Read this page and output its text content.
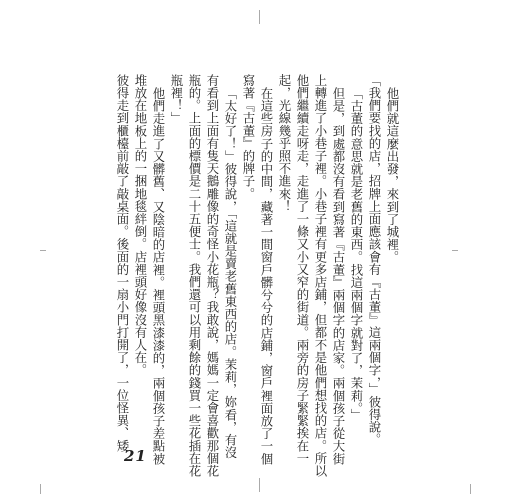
他們就這麼出發，來到了城裡。
「我們要找的店，招牌上面應該會有『古董』這兩個字，」彼得說。
「古董的意思就是老舊的東西。找這兩個字就對了，茉莉。」
但是，到處都沒有看到寫著『古董』兩個字的店家。兩個孩子從大街
上轉進了小巷子裡。小巷子裡有更多店鋪，但都不是他們想找的店。所以
他們繼續走呀走，走進了一條又小又窄的街道。兩旁的房子緊緊挨在一
起，光線幾乎照不進來！
在這些房子的中間，藏著一間窗戶髒兮兮的店鋪，窗戶裡面放了一個
寫著『古董』的牌子。
「太好了！」彼得說，「這就是賣老舊東西的店。茉莉，妳看，有沒
有看到上面有隻天鵝雕像的奇怪小花瓶？我敢說，媽媽一定會喜歡那個花
瓶的。上面的標價是二十五便士。我們還可以用剩餘的錢買一些花插在花
瓶裡！」
他們走進了又髒舊、又陰暗的店裡。裡頭黑漆漆的，兩個孩子差點被
堆放在地板上的一捆地毯絆倒。店裡頭好像沒有人在。
彼得走到櫃檯前敲了敲桌面。後面的一扇小門打開了，一位怪異、矮
21
